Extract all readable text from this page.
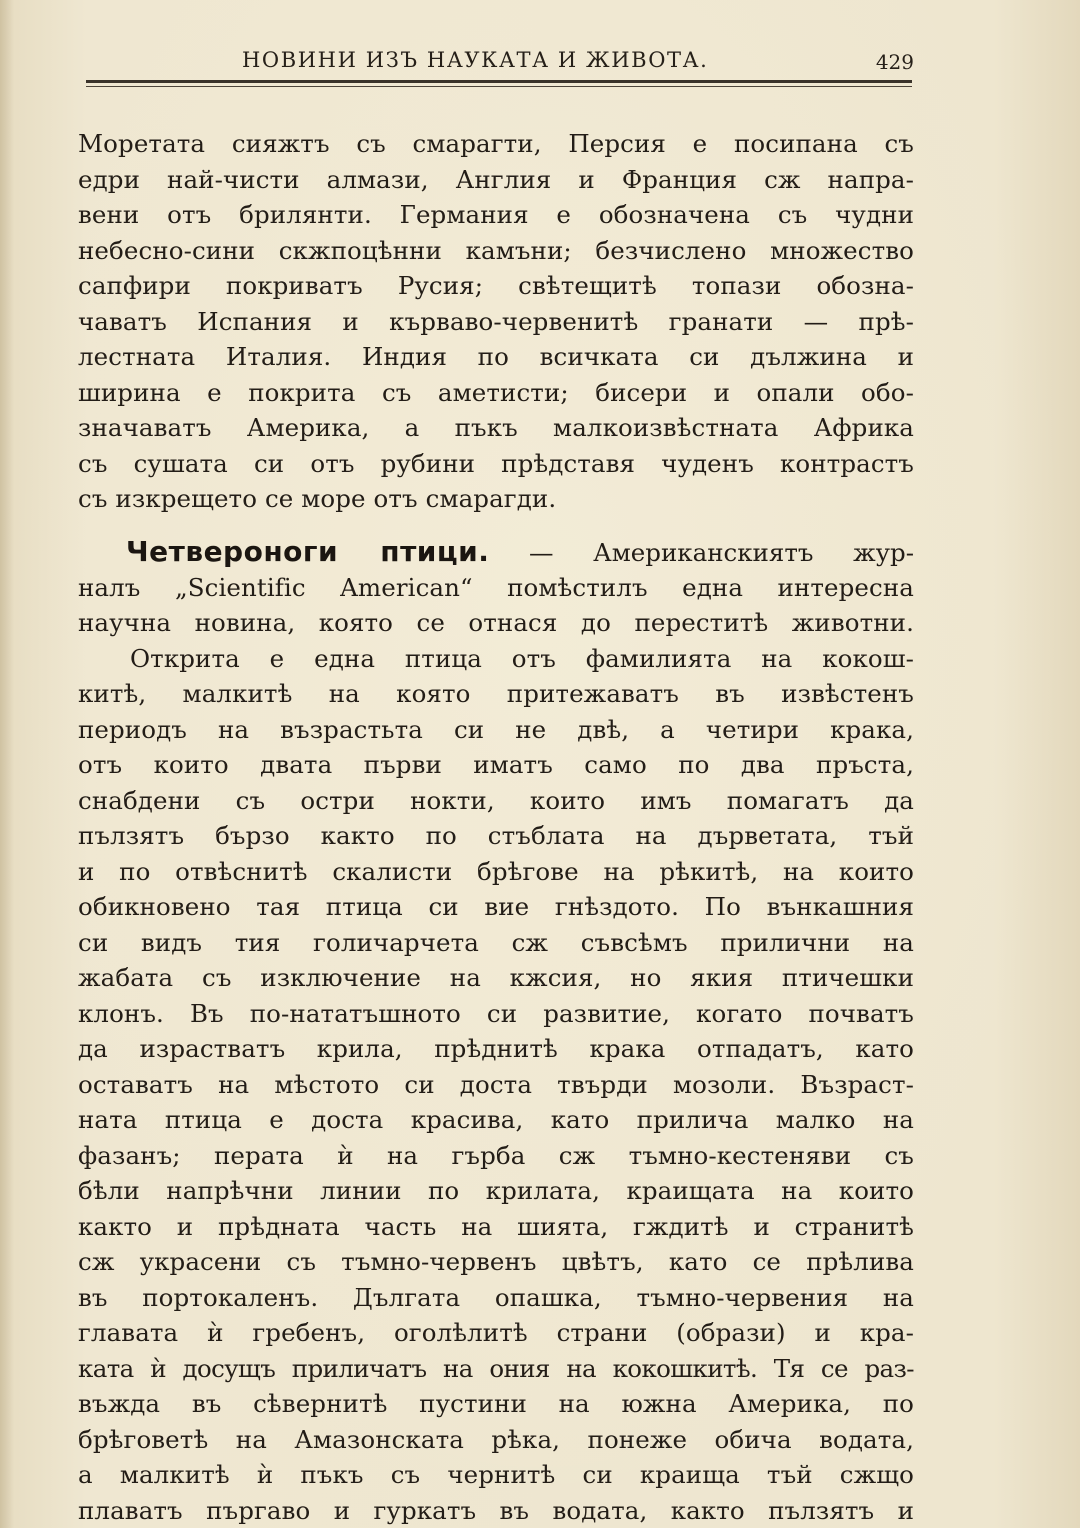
НОВИНИ ИЗЪ НАУКАТА И ЖИВОТА.	429
Моретата сияжтъ съ смарагти, Персия е посипана съ
едри най-чисти алмази, Англия и Франция сж напра-
вени отъ брилянти. Германия е обозначена съ чудни
небесно-сини скжпоцѣнни камъни; безчислено множество
сапфири покриватъ Русия; свѣтещитѣ топази обозна-
чаватъ Испания и кърваво-червенитѣ гранати — прѣ-
лестната Италия. Индия по всичката си дължина и
ширина е покрита съ аметисти; бисери и опали обо-
значаватъ Америка, а пъкъ малкоизвѣстната Африка
съ сушата си отъ рубини прѣдставя чуденъ контрастъ
съ изкрещето се море отъ смарагди.
Четвероноги птици. — Американскиятъ жур-
налъ „Scientific American“ помѣстилъ една интересна
научна новина, която се отнася до переститѣ животни.
Открита е една птица отъ фамилията на кокош-
китѣ, малкитѣ на която притежаватъ въ извѣстенъ
периодъ на възрастьта си не двѣ, а четири крака,
отъ които двата първи иматъ само по два пръста,
снабдени съ остри нокти, които имъ помагатъ да
пълзятъ бързо както по стъблата на дърветата, тъй
и по отвѣснитѣ скалисти брѣгове на рѣкитѣ, на които
обикновено тая птица си вие гнѣздото. По вънкашния
си видъ тия голичарчета сж съвсѣмъ прилични на
жабата съ изключение на кжсия, но якия птичешки
клонъ. Въ по-нататъшното си развитие, когато почватъ
да израстватъ крила, прѣднитѣ крака отпадатъ, като
оставатъ на мѣстото си доста твърди мозоли. Възраст-
ната птица е доста красива, като прилича малко на
фазанъ; перата ѝ на гърба сж тъмно-кестеняви съ
бѣли напрѣчни линии по крилата, краищата на които
както и прѣдната часть на шията, гждитѣ и странитѣ
сж украсени съ тъмно-червенъ цвѣтъ, като се прѣлива
въ портокаленъ. Дългата опашка, тъмно-червения на
главата ѝ гребенъ, оголѣлитѣ страни (образи) и кра-
ката ѝ досущъ приличатъ на ония на кокошкитѣ. Тя се раз-
въжда въ сѣвернитѣ пустини на южна Америка, по
брѣговетѣ на Амазонската рѣка, понеже обича водата,
а малкитѣ ѝ пъкъ съ чернитѣ си краища тъй сжщо
плаватъ пъргаво и гуркатъ въ водата, както пълзятъ и
